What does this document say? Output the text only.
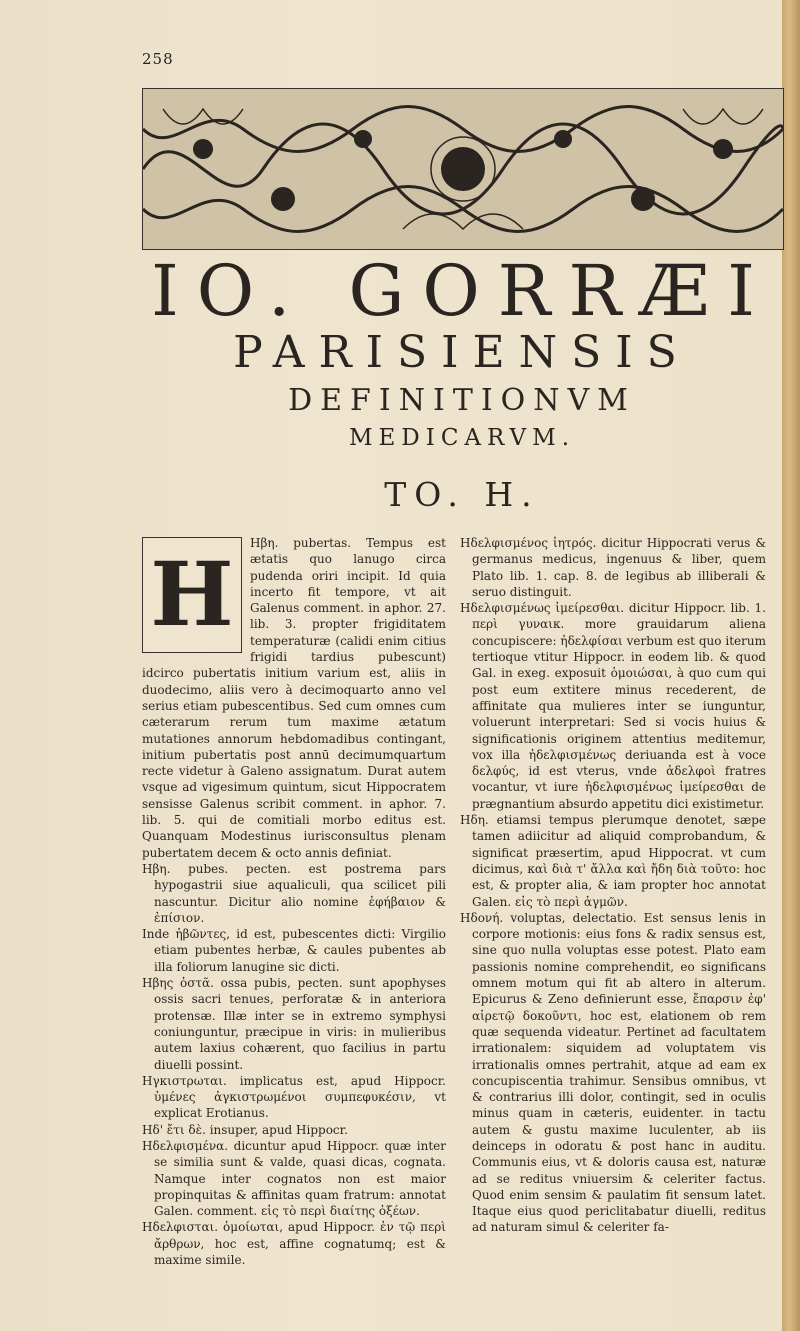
258
IO. GORRÆI
PARISIENSIS
DEFINITIONVM
MEDICARVM.
TO. H.
H	Ηβη. pubertas. Tempus est ætatis quo lanugo circa pudenda oriri incipit. Id quia incerto fit tempore, vt ait Galenus comment. in aphor. 27. lib. 3. propter frigiditatem temperaturæ (calidi enim citius frigidi tardius pubescunt) idcirco pubertatis initium varium est, aliis in duodecimo, aliis vero à decimoquarto anno vel serius etiam pubescentibus. Sed cum omnes cum cæterarum rerum tum maxime ætatum mutationes annorum hebdomadibus contingant, initium pubertatis post annū decimumquartum recte videtur à Galeno assignatum. Durat autem vsque ad vigesimum quintum, sicut Hippocratem sensisse Galenus scribit comment. in aphor. 7. lib. 5. qui de comitiali morbo editus est. Quanquam Modestinus iurisconsultus plenam pubertatem decem & octo annis definiat.

Ηβη. pubes. pecten. est postrema pars hypogastrii siue aqualiculi, qua scilicet pili nascuntur. Dicitur alio nomine ἐφήβαιον & ἐπίσιον.

Inde ἡβῶντες, id est, pubescentes dicti: Virgilio etiam pubentes herbæ, & caules pubentes ab illa foliorum lanugine sic dicti.

Ηβης ὀστᾶ. ossa pubis, pecten. sunt apophyses ossis sacri tenues, perforatæ & in anteriora protensæ. Illæ inter se in extremo symphysi coniunguntur, præcipue in viris: in mulieribus autem laxius cohærent, quo facilius in partu diuelli possint.

Ηγκιστρωται. implicatus est, apud Hippocr. ὑμένες ἀγκιστρωμένοι συμπεφυκέσιν, vt explicat Erotianus.

Ηδ' ἔτι δὲ. insuper, apud Hippocr.

Ηδελφισμένα. dicuntur apud Hippocr. quæ inter se similia sunt & valde, quasi dicas, cognata. Namque inter cognatos non est maior propinquitas & affinitas quam fratrum: annotat Galen. comment. εἰς τὸ περὶ διαίτης ὀξέων.

Ηδελφισται. ὁμοίωται, apud Hippocr. ἐν τῷ περὶ ἄρθρων, hoc est, affine cognatumq; est & maxime simile.

Ηδελφισμένος ἰητρός. dicitur Hippocrati verus & germanus medicus, ingenuus & liber, quem Plato lib. 1. cap. 8. de legibus ab illiberali & seruo distinguit.

Ηδελφισμένως ἱμείρεσθαι. dicitur Hippocr. lib. 1. περὶ γυναικ. more grauidarum aliena concupiscere: ἠδελφίσαι verbum est quo iterum tertioque vtitur Hippocr. in eodem lib. & quod Gal. in exeg. exposuit ὁμοιώσαι, à quo cum qui post eum extitere minus recederent, de affinitate qua mulieres inter se iunguntur, voluerunt interpretari: Sed si vocis huius & significationis originem attentius meditemur, vox illa ἠδελφισμένως deriuanda est à voce δελφύς, id est vterus, vnde ἀδελφοὶ fratres vocantur, vt iure ἠδελφισμένως ἱμείρεσθαι de prægnantium absurdo appetitu dici existimetur.

Ηδη. etiamsi tempus plerumque denotet, sæpe tamen adiicitur ad aliquid comprobandum, & significat præsertim, apud Hippocrat. vt cum dicimus, καὶ διὰ τ' ἄλλα καὶ ἤδη διὰ τοῦτο: hoc est, & propter alia, & iam propter hoc annotat Galen. εἰς τὸ περὶ ἀγμῶν.

Ηδονή. voluptas, delectatio. Est sensus lenis in corpore motionis: eius fons & radix sensus est, sine quo nulla voluptas esse potest. Plato eam passionis nomine comprehendit, eo significans omnem motum qui fit ab altero in alterum. Epicurus & Zeno definierunt esse, ἔπαρσιν ἐφ' αἱρετῷ δοκοῦντι, hoc est, elationem ob rem quæ sequenda videatur. Pertinet ad facultatem irrationalem: siquidem ad voluptatem vis irrationalis omnes pertrahit, atque ad eam ex concupiscentia trahimur. Sensibus omnibus, vt & contrarius illi dolor, contingit, sed in oculis minus quam in cæteris, euidenter. in tactu autem & gustu maxime luculenter, ab iis deinceps in odoratu & post hanc in auditu. Communis eius, vt & doloris causa est, naturæ ad se reditus vniuersim & celeriter factus. Quod enim sensim & paulatim fit sensum latet. Itaque eius quod periclitabatur diuelli, reditus ad naturam simul & celeriter fa-
